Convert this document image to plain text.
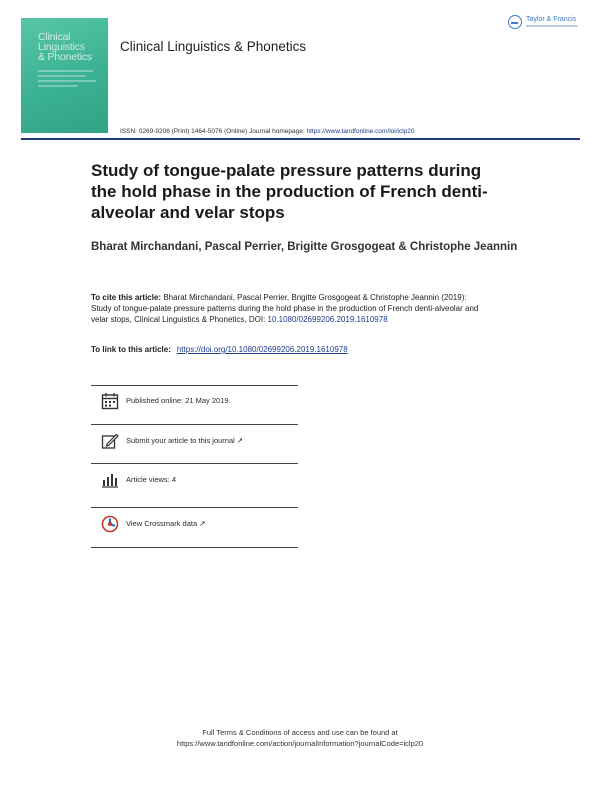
Clinical
Linguistics
& Phonetics
Clinical Linguistics & Phonetics
Taylor & Francis
ISSN: 0269-9206 (Print) 1464-5076 (Online) Journal homepage: https://www.tandfonline.com/loi/iclp20
Study of tongue-palate pressure patterns during the hold phase in the production of French denti-alveolar and velar stops

Bharat Mirchandani, Pascal Perrier, Brigitte Grosgogeat & Christophe Jeannin

To cite this article: Bharat Mirchandani, Pascal Perrier, Brigitte Grosgogeat & Christophe Jeannin (2019): Study of tongue-palate pressure patterns during the hold phase in the production of French denti-alveolar and velar stops, Clinical Linguistics & Phonetics, DOI: 10.1080/02699206.2019.1610978

To link to this article: https://doi.org/10.1080/02699206.2019.1610978
Published online: 21 May 2019.
Submit your article to this journal ↗
Article views: 4
View Crossmark data ↗
Full Terms & Conditions of access and use can be found at
https://www.tandfonline.com/action/journalInformation?journalCode=iclp20
